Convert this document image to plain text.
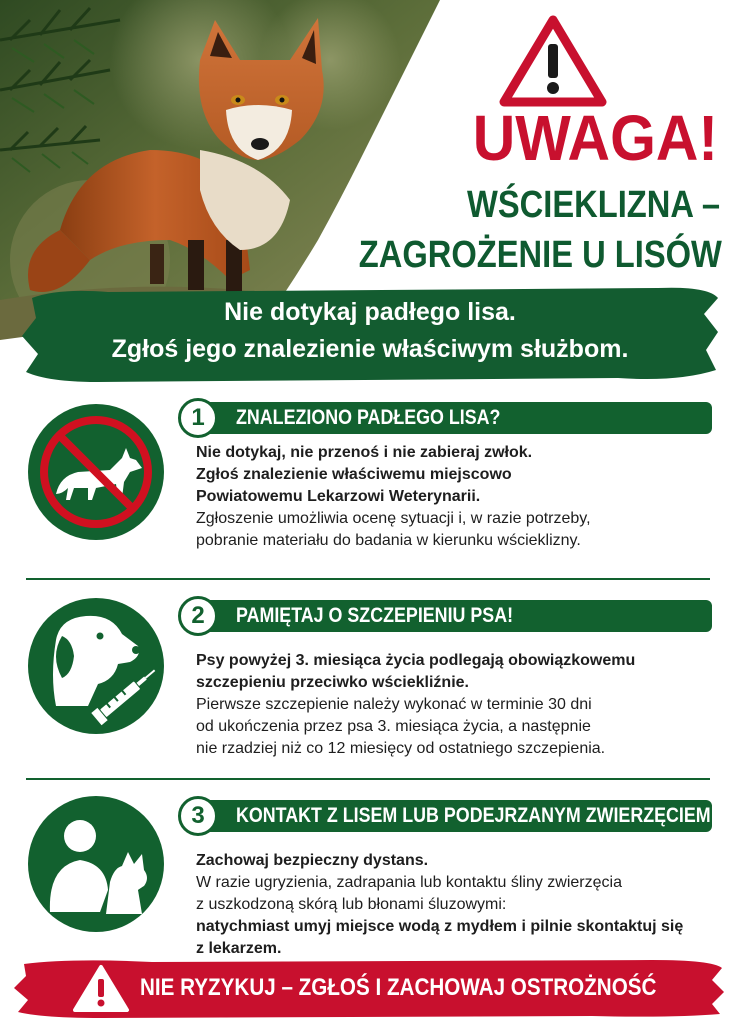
UWAGA!
WŚCIEKLIZNA –
ZAGROŻENIE U LISÓW
Nie dotykaj padłego lisa.
Zgłoś jego znalezienie właściwym służbom.
1	ZNALEZIONO PADŁEGO LISA?
Nie dotykaj, nie przenoś i nie zabieraj zwłok.
Zgłoś znalezienie właściwemu miejscowo
Powiatowemu Lekarzowi Weterynarii.
Zgłoszenie umożliwia ocenę sytuacji i, w razie potrzeby,
pobranie materiału do badania w kierunku wścieklizny.
2	PAMIĘTAJ O SZCZEPIENIU PSA!
Psy powyżej 3. miesiąca życia podlegają obowiązkowemu
szczepieniu przeciwko wściekliźnie.
Pierwsze szczepienie należy wykonać w terminie 30 dni
od ukończenia przez psa 3. miesiąca życia, a następnie
nie rzadziej niż co 12 miesięcy od ostatniego szczepienia.
3	KONTAKT Z LISEM LUB PODEJRZANYM ZWIERZĘCIEM
Zachowaj bezpieczny dystans.
W razie ugryzienia, zadrapania lub kontaktu śliny zwierzęcia
z uszkodzoną skórą lub błonami śluzowymi:
natychmiast umyj miejsce wodą z mydłem i pilnie skontaktuj się
z lekarzem.
NIE RYZYKUJ – ZGŁOŚ I ZACHOWAJ OSTROŻNOŚĆ
